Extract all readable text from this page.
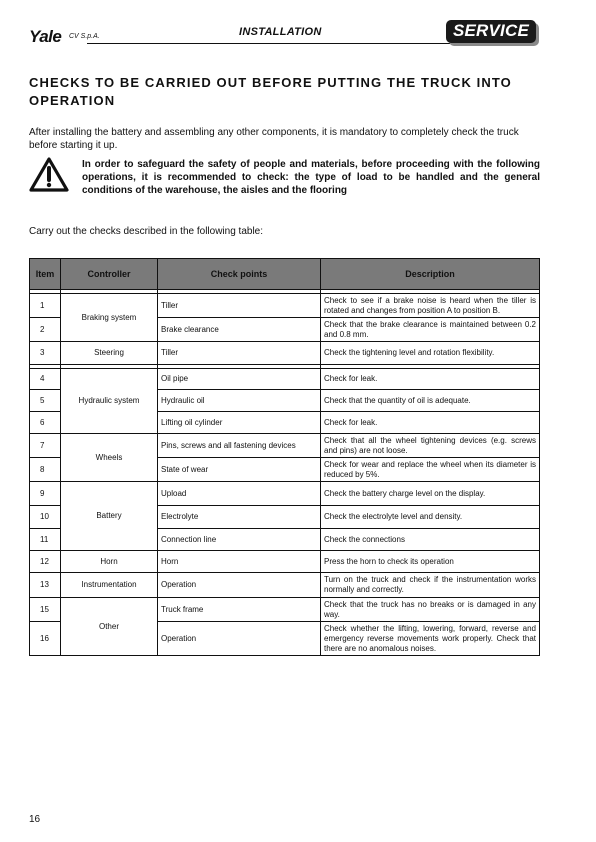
Yale CV S.p.A.	INSTALLATION	SERVICE
CHECKS TO BE CARRIED OUT BEFORE PUTTING THE TRUCK INTO OPERATION

After installing the battery and assembling any other components, it is mandatory to completely check the truck before starting it up.

In order to safeguard the safety of people and materials, before proceeding with the following operations, it is recommended to check: the type of load to be handled and the general conditions of the warehouse, the aisles and the flooring

Carry out the checks described in the following table:

Item	Controller	Check points	Description

1	Braking system	Tiller	Check to see if a brake noise is heard when the tiller is rotated and changes from position A to position B.
2		Brake clearance	Check that the brake clearance is maintained between 0.2 and 0.8 mm.
3	Steering	Tiller	Check the tightening level and rotation flexibility.

4	Hydraulic system	Oil pipe	Check for leak.
5		Hydraulic oil	Check that the quantity of oil is adequate.
6		Lifting oil cylinder	Check for leak.
7	Wheels	Pins, screws and all fastening devices	Check that all the wheel tightening devices (e.g. screws and pins) are not loose.
8		State of wear	Check for wear and replace the wheel when its diameter is reduced by 5%.
9	Battery	Upload	Check the battery charge level on the display.
10		Electrolyte	Check the electrolyte level and density.
11		Connection line	Check the connections
12	Horn	Horn	Press the horn to check its operation
13	Instrumentation	Operation	Turn on the truck and check if the instrumentation works normally and correctly.
15	Other	Truck frame	Check that the truck has no breaks or is damaged in any way.
16		Operation	Check whether the lifting, lowering, forward, reverse and emergency reverse movements work properly. Check that there are no anomalous noises.
16
